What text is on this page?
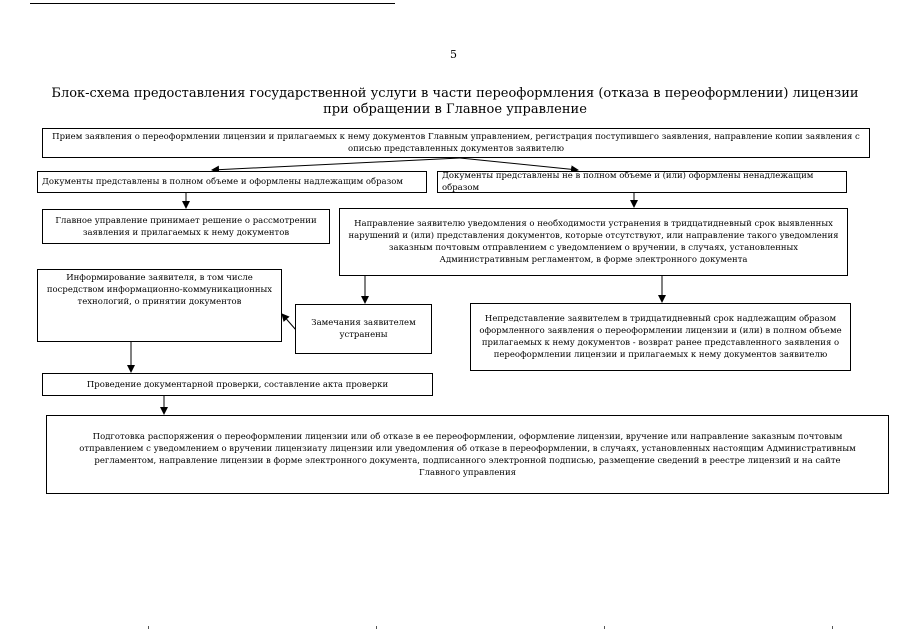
5
Блок-схема предоставления государственной услуги в части переоформления (отказа в переоформлении) лицензии при обращении в Главное управление
Прием заявления о переоформлении лицензии и прилагаемых к нему документов Главным управлением, регистрация поступившего заявления, направление копии заявления с описью представленных документов заявителю
Документы представлены в полном объеме и оформлены надлежащим образом
Документы представлены не в полном объеме и (или) оформлены ненадлежащим образом
Главное управление принимает решение о рассмотрении заявления и прилагаемых к нему документов
Направление заявителю уведомления о необходимости устранения в тридцатидневный срок выявленных нарушений и (или) представления документов, которые отсутствуют, или направление такого уведомления заказным почтовым отправлением с уведомлением о вручении, в случаях, установленных Административным регламентом, в форме электронного документа
Информирование заявителя, в том числе посредством информационно-коммуникационных технологий, о принятии документов
Замечания заявителем устранены
Непредставление заявителем в тридцатидневный срок надлежащим образом оформленного заявления о переоформлении лицензии и (или) в полном объеме прилагаемых к нему документов - возврат ранее представленного заявления о переоформлении лицензии и прилагаемых к нему документов заявителю
Проведение документарной проверки, составление акта проверки
Подготовка распоряжения о переоформлении лицензии или об отказе в ее переоформлении, оформление лицензии, вручение или направление заказным почтовым отправлением с уведомлением о вручении лицензиату лицензии или уведомления об отказе в переоформлении, в случаях, установленных настоящим Административным регламентом, направление лицензии в форме электронного документа, подписанного электронной подписью, размещение сведений в реестре лицензий и на сайте Главного управления
